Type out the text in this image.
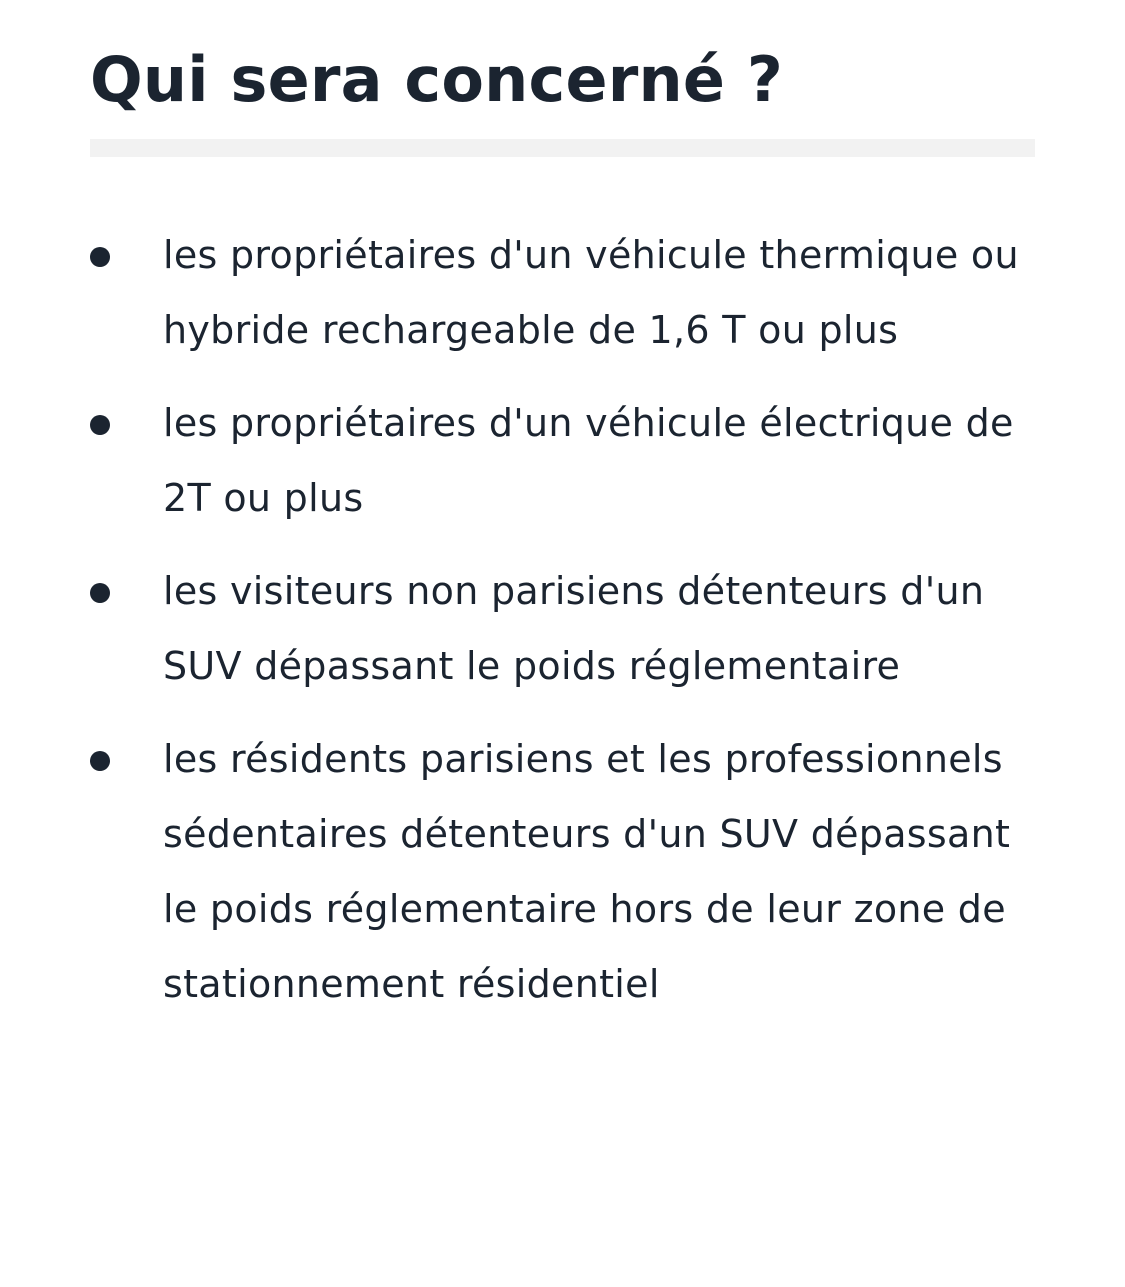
Qui sera concerné ?
les propriétaires d'un véhicule thermique ou hybride rechargeable de 1,6 T ou plus
les propriétaires d'un véhicule électrique de 2T ou plus
les visiteurs non parisiens détenteurs d'un SUV dépassant le poids réglementaire
les résidents parisiens et les professionnels sédentaires détenteurs d'un SUV dépassant le poids réglementaire hors de leur zone de stationnement résidentiel
